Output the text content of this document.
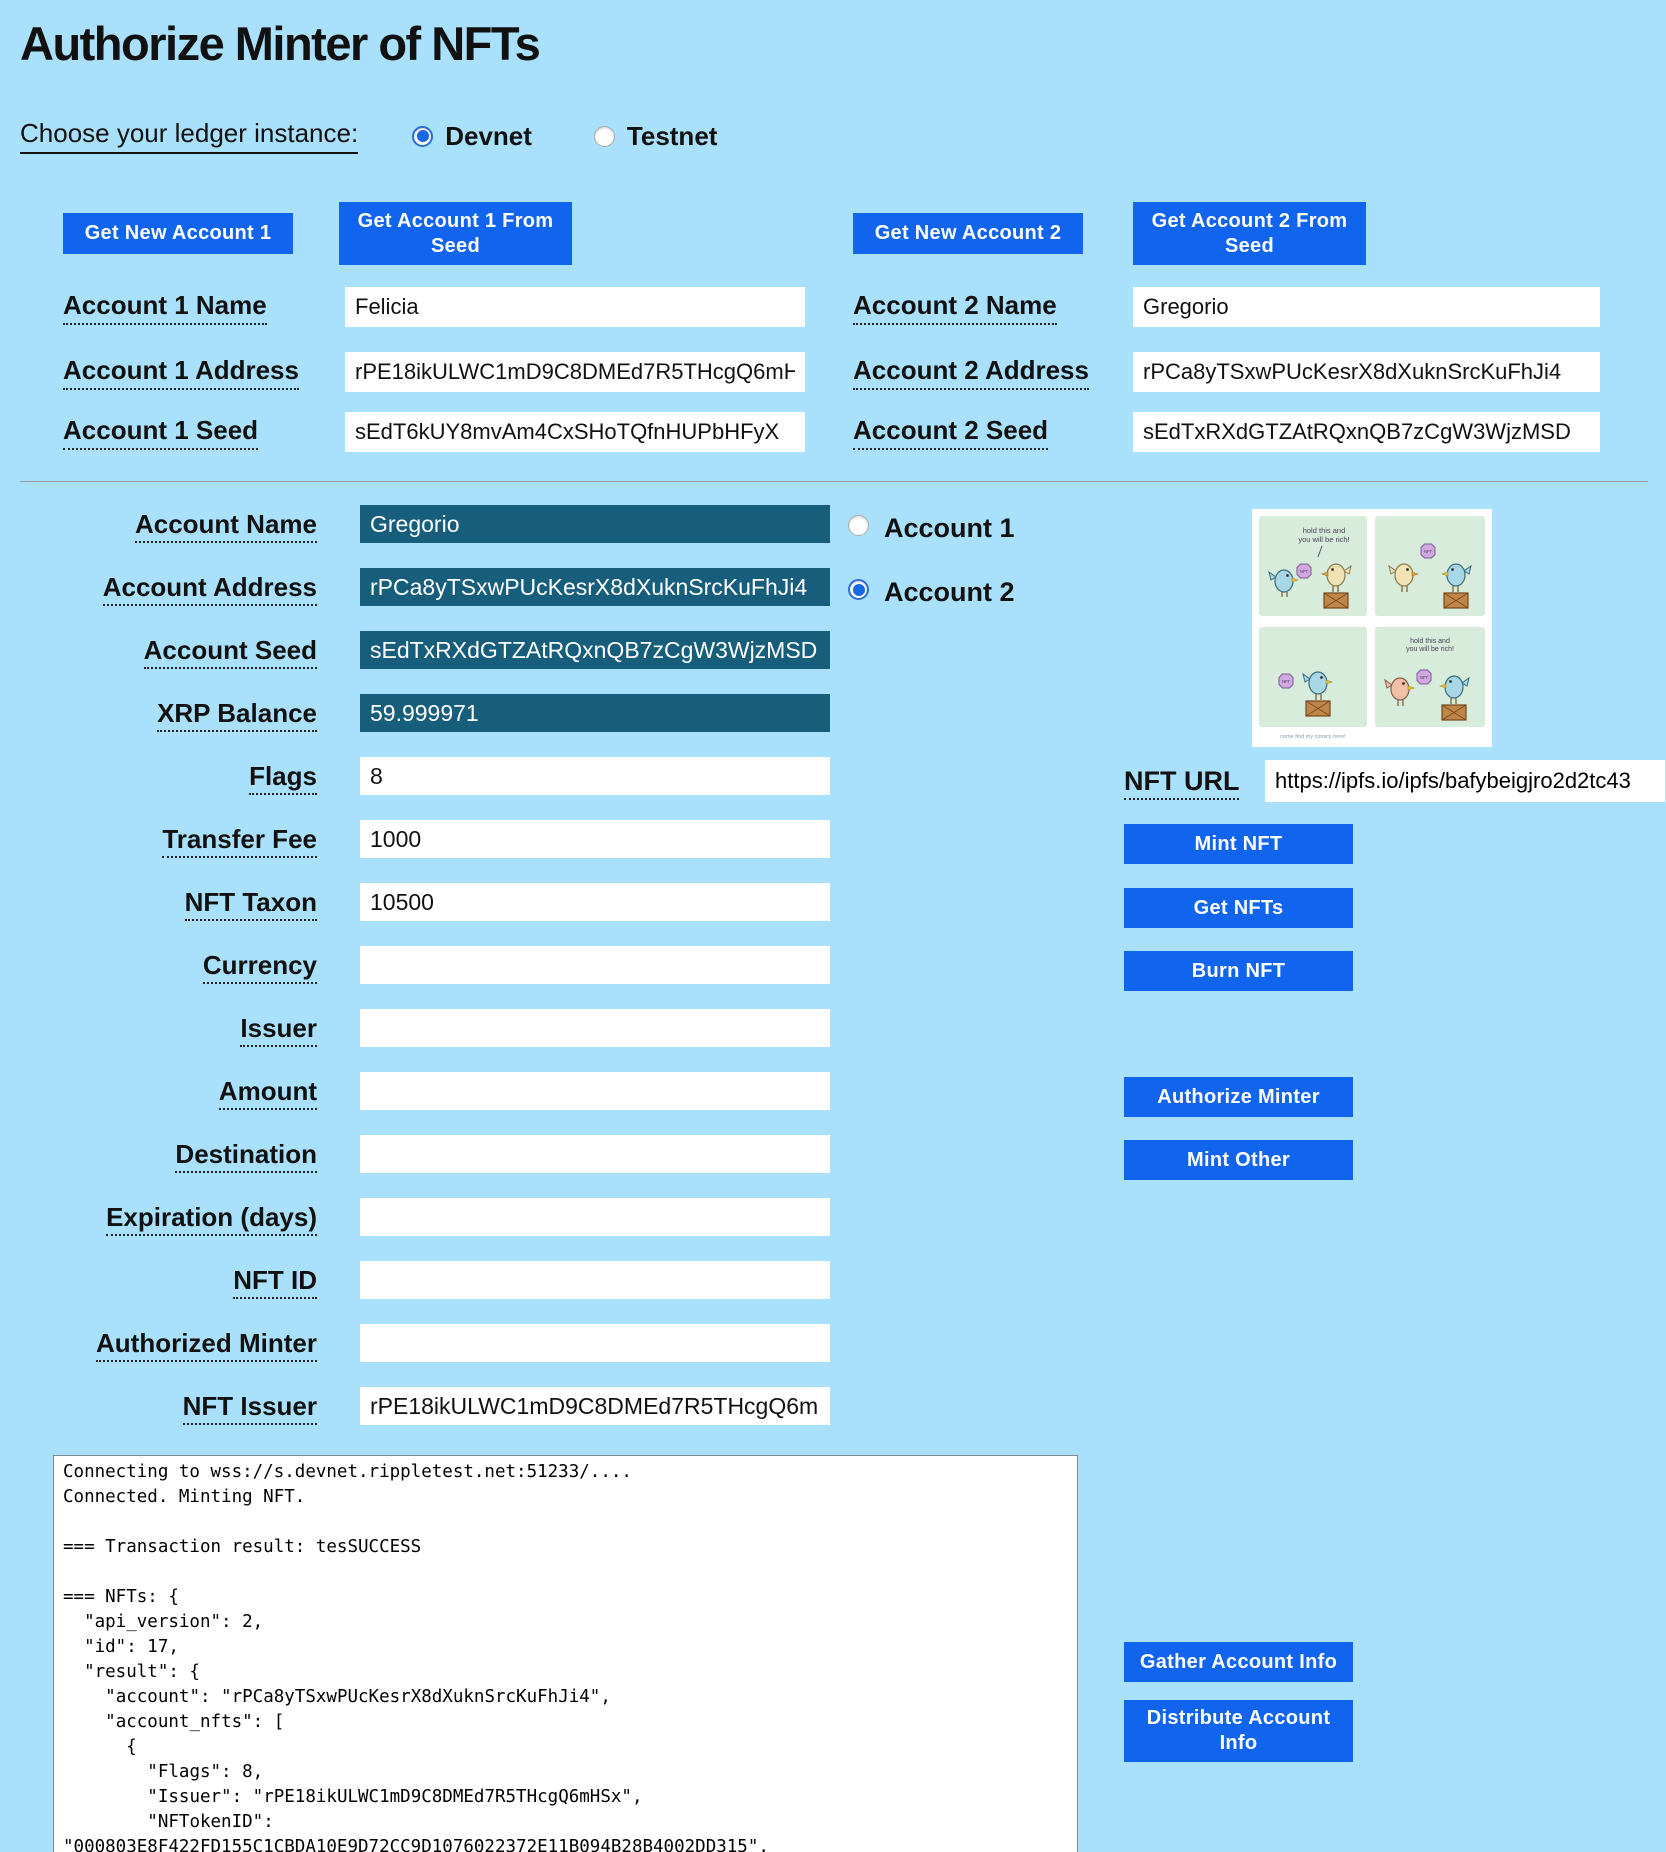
Authorize Minter of NFTs
Choose your ledger instance:	Devnet	Testnet
Get New Account 1
Get Account 1 From Seed
Get New Account 2
Get Account 2 From Seed
Account 1 Name
Felicia
Account 1 Address
rPE18ikULWC1mD9C8DMEd7R5THcgQ6mHSx
Account 1 Seed
sEdT6kUY8mvAm4CxSHoTQfnHUPbHFyX
Account 2 Name
Gregorio
Account 2 Address
rPCa8yTSxwPUcKesrX8dXuknSrcKuFhJi4
Account 2 Seed
sEdTxRXdGTZAtRQxnQB7zCgW3WjzMSD
Account Name
Gregorio
Account Address
rPCa8yTSxwPUcKesrX8dXuknSrcKuFhJi4
Account Seed
sEdTxRXdGTZAtRQxnQB7zCgW3WjzMSD
XRP Balance
59.999971
Flags
8
Transfer Fee
1000
NFT Taxon
10500
Currency
Issuer
Amount
Destination
Expiration (days)
NFT ID
Authorized Minter
NFT Issuer
rPE18ikULWC1mD9C8DMEd7R5THcgQ6mHSx
Account 1
Account 2
hold this and
you will be rich!
NFT
NFT
NFT
come find my comics here!
hold this and
you will be rich!
NFT
NFT URL
https://ipfs.io/ipfs/bafybeigjro2d2tc43
Mint NFT
Get NFTs
Burn NFT
Authorize Minter
Mint Other
Gather Account Info
Distribute Account Info
Connecting to wss://s.devnet.rippletest.net:51233/.... Connected. Minting NFT. === Transaction result: tesSUCCESS === NFTs: { "api_version": 2, "id": 17, "result": { "account": "rPCa8yTSxwPUcKesrX8dXuknSrcKuFhJi4", "account_nfts": [ { "Flags": 8, "Issuer": "rPE18ikULWC1mD9C8DMEd7R5THcgQ6mHSx", "NFTokenID": "000803E8F422FD155C1CBDA10E9D72CC9D1076022372E11B094B28B4002DD315",
